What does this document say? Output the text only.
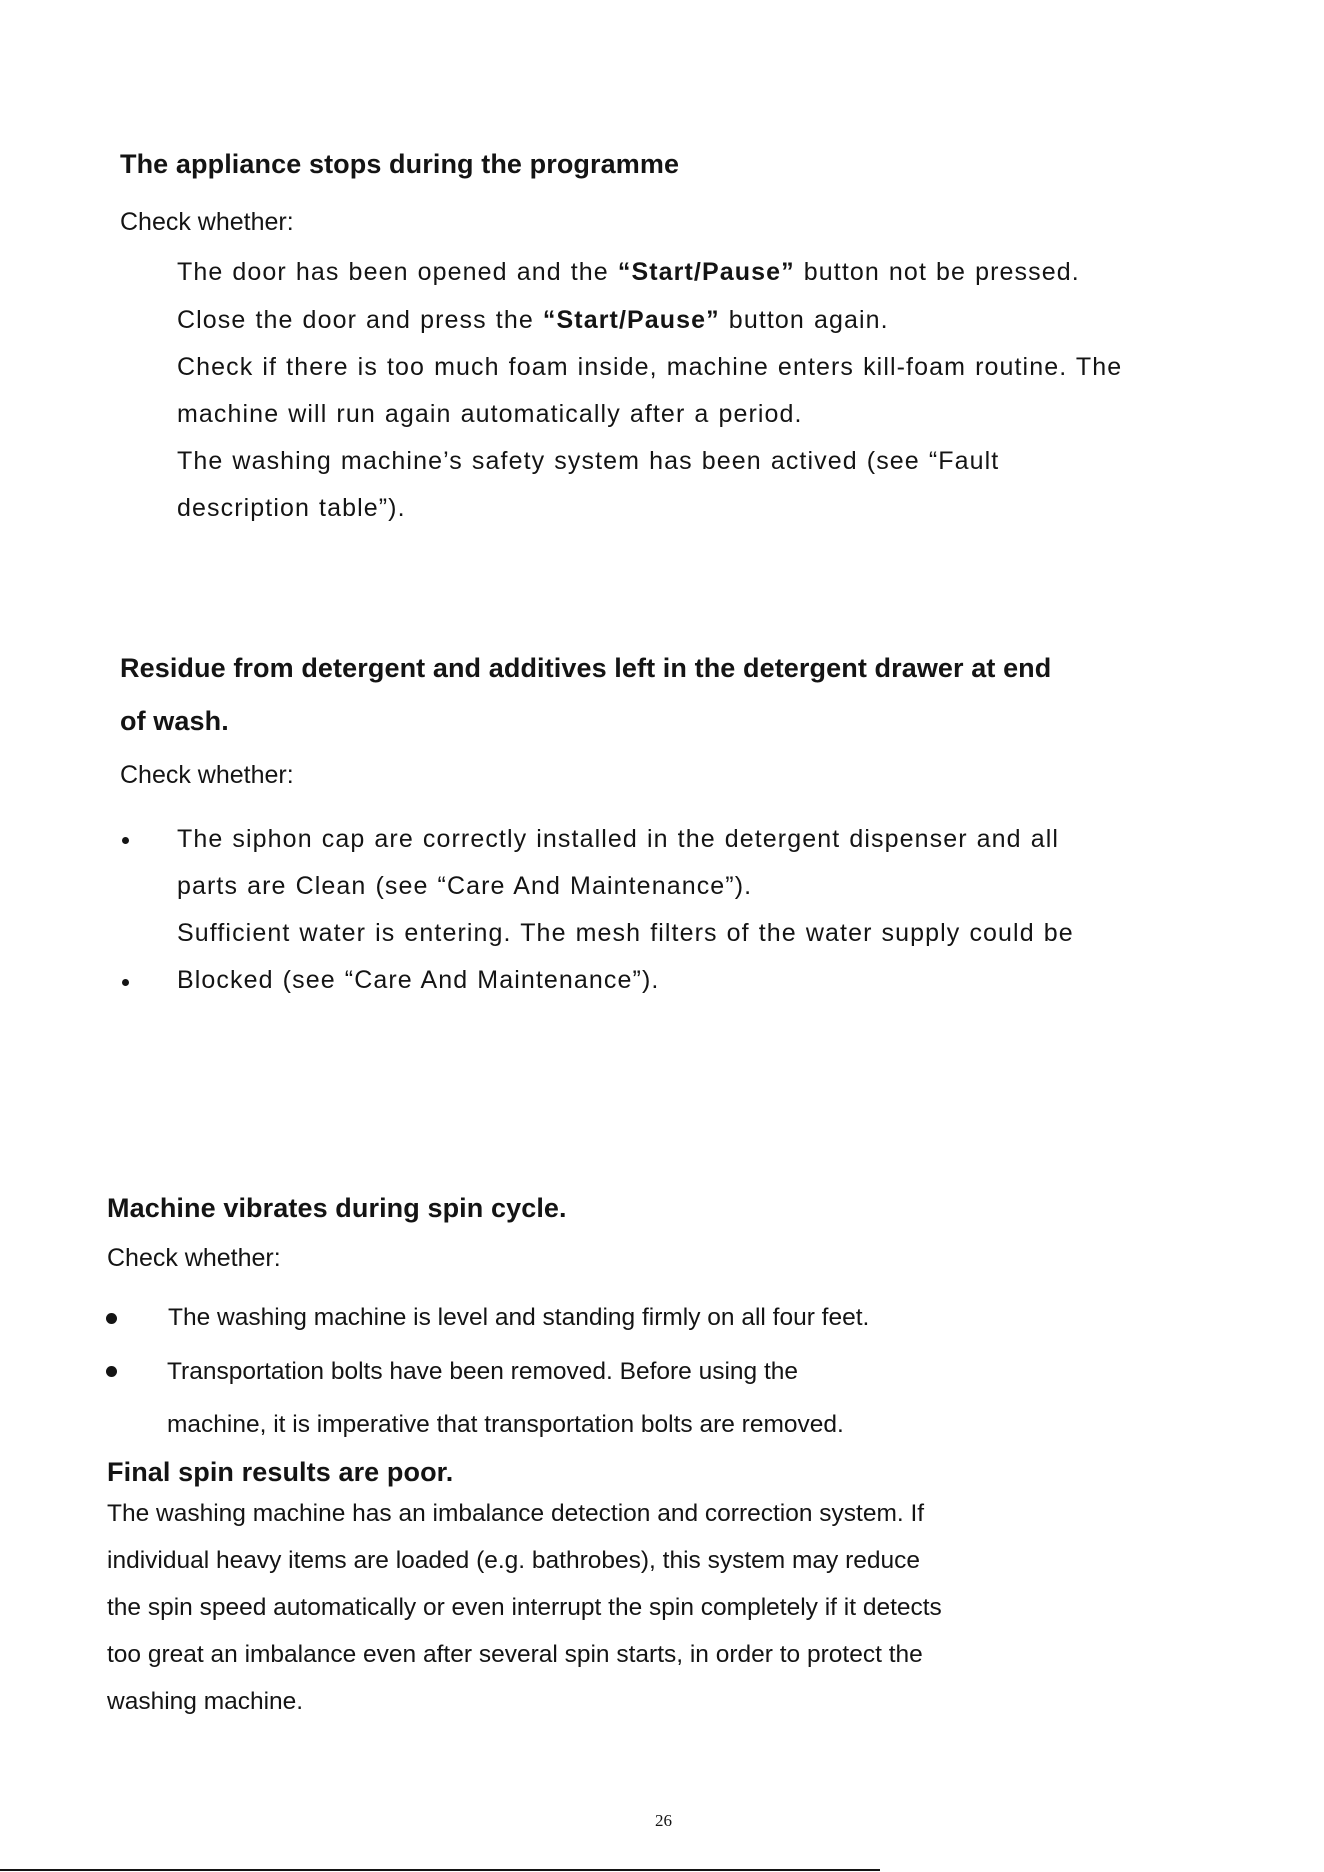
The appliance stops during the programme
Check whether:
The door has been opened and the “Start/Pause” button not be pressed.
Close the door and press the “Start/Pause” button again.
Check if there is too much foam inside, machine enters kill-foam routine. The
machine will run again automatically after a period.
The washing machine’s safety system has been actived (see “Fault
description table”).
Residue from detergent and additives left in the detergent drawer at end
of wash.
Check whether:
The siphon cap are correctly installed in the detergent dispenser and all
parts are Clean (see “Care And Maintenance”).
Sufficient water is entering. The mesh filters of the water supply could be
Blocked (see “Care And Maintenance”).
Machine vibrates during spin cycle.
Check whether:
The washing machine is level and standing firmly on all four feet.
Transportation bolts have been removed. Before using the
machine, it is imperative that transportation bolts are removed.
Final spin results are poor.
The washing machine has an imbalance detection and correction system. If
individual heavy items are loaded (e.g. bathrobes), this system may reduce
the spin speed automatically or even interrupt the spin completely if it detects
too great an imbalance even after several spin starts, in order to protect the
washing machine.
26
